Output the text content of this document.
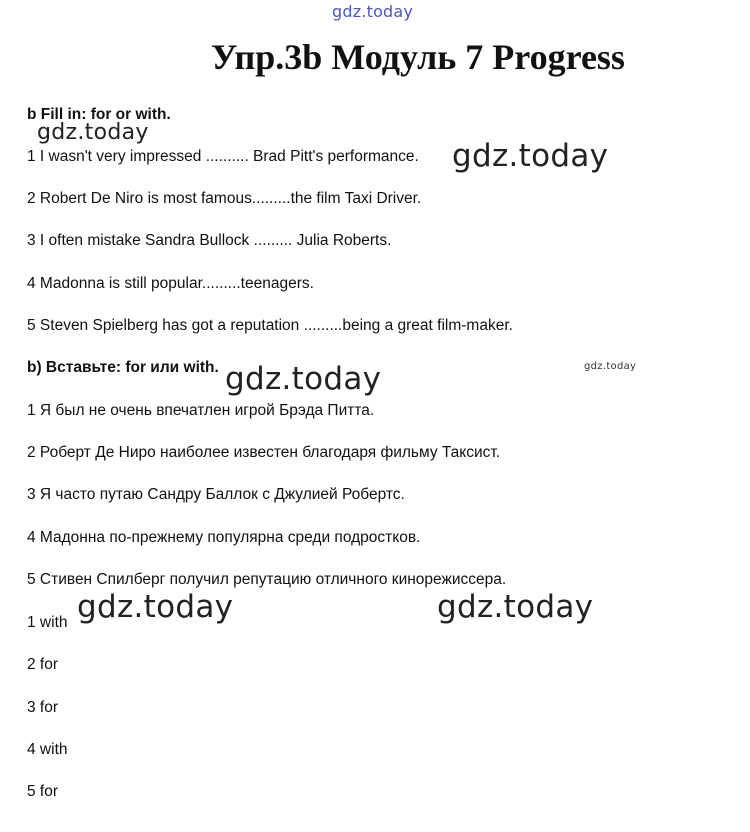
gdz.today
Упр.3b Модуль 7 Progress
b Fill in: for or with.
1 I wasn't very impressed .......... Brad Pitt's performance.
2 Robert De Niro is most famous.........the film Taxi Driver.
3 I often mistake Sandra Bullock ......... Julia Roberts.
4 Madonna is still popular.........teenagers.
5 Steven Spielberg has got a reputation .........being a great film-maker.
b) Вставьте: for или with.
1 Я был не очень впечатлен игрой Брэда Питта.
2 Роберт Де Ниро наиболее известен благодаря фильму Таксист.
3 Я часто путаю Сандру Баллок с Джулией Робертс.
4 Мадонна по-прежнему популярна среди подростков.
5 Стивен Спилберг получил репутацию отличного кинорежиссера.
1 with
2 for
3 for
4 with
5 for
gdz.today
gdz.today
gdz.today
gdz.today
gdz.today	gdz.today
